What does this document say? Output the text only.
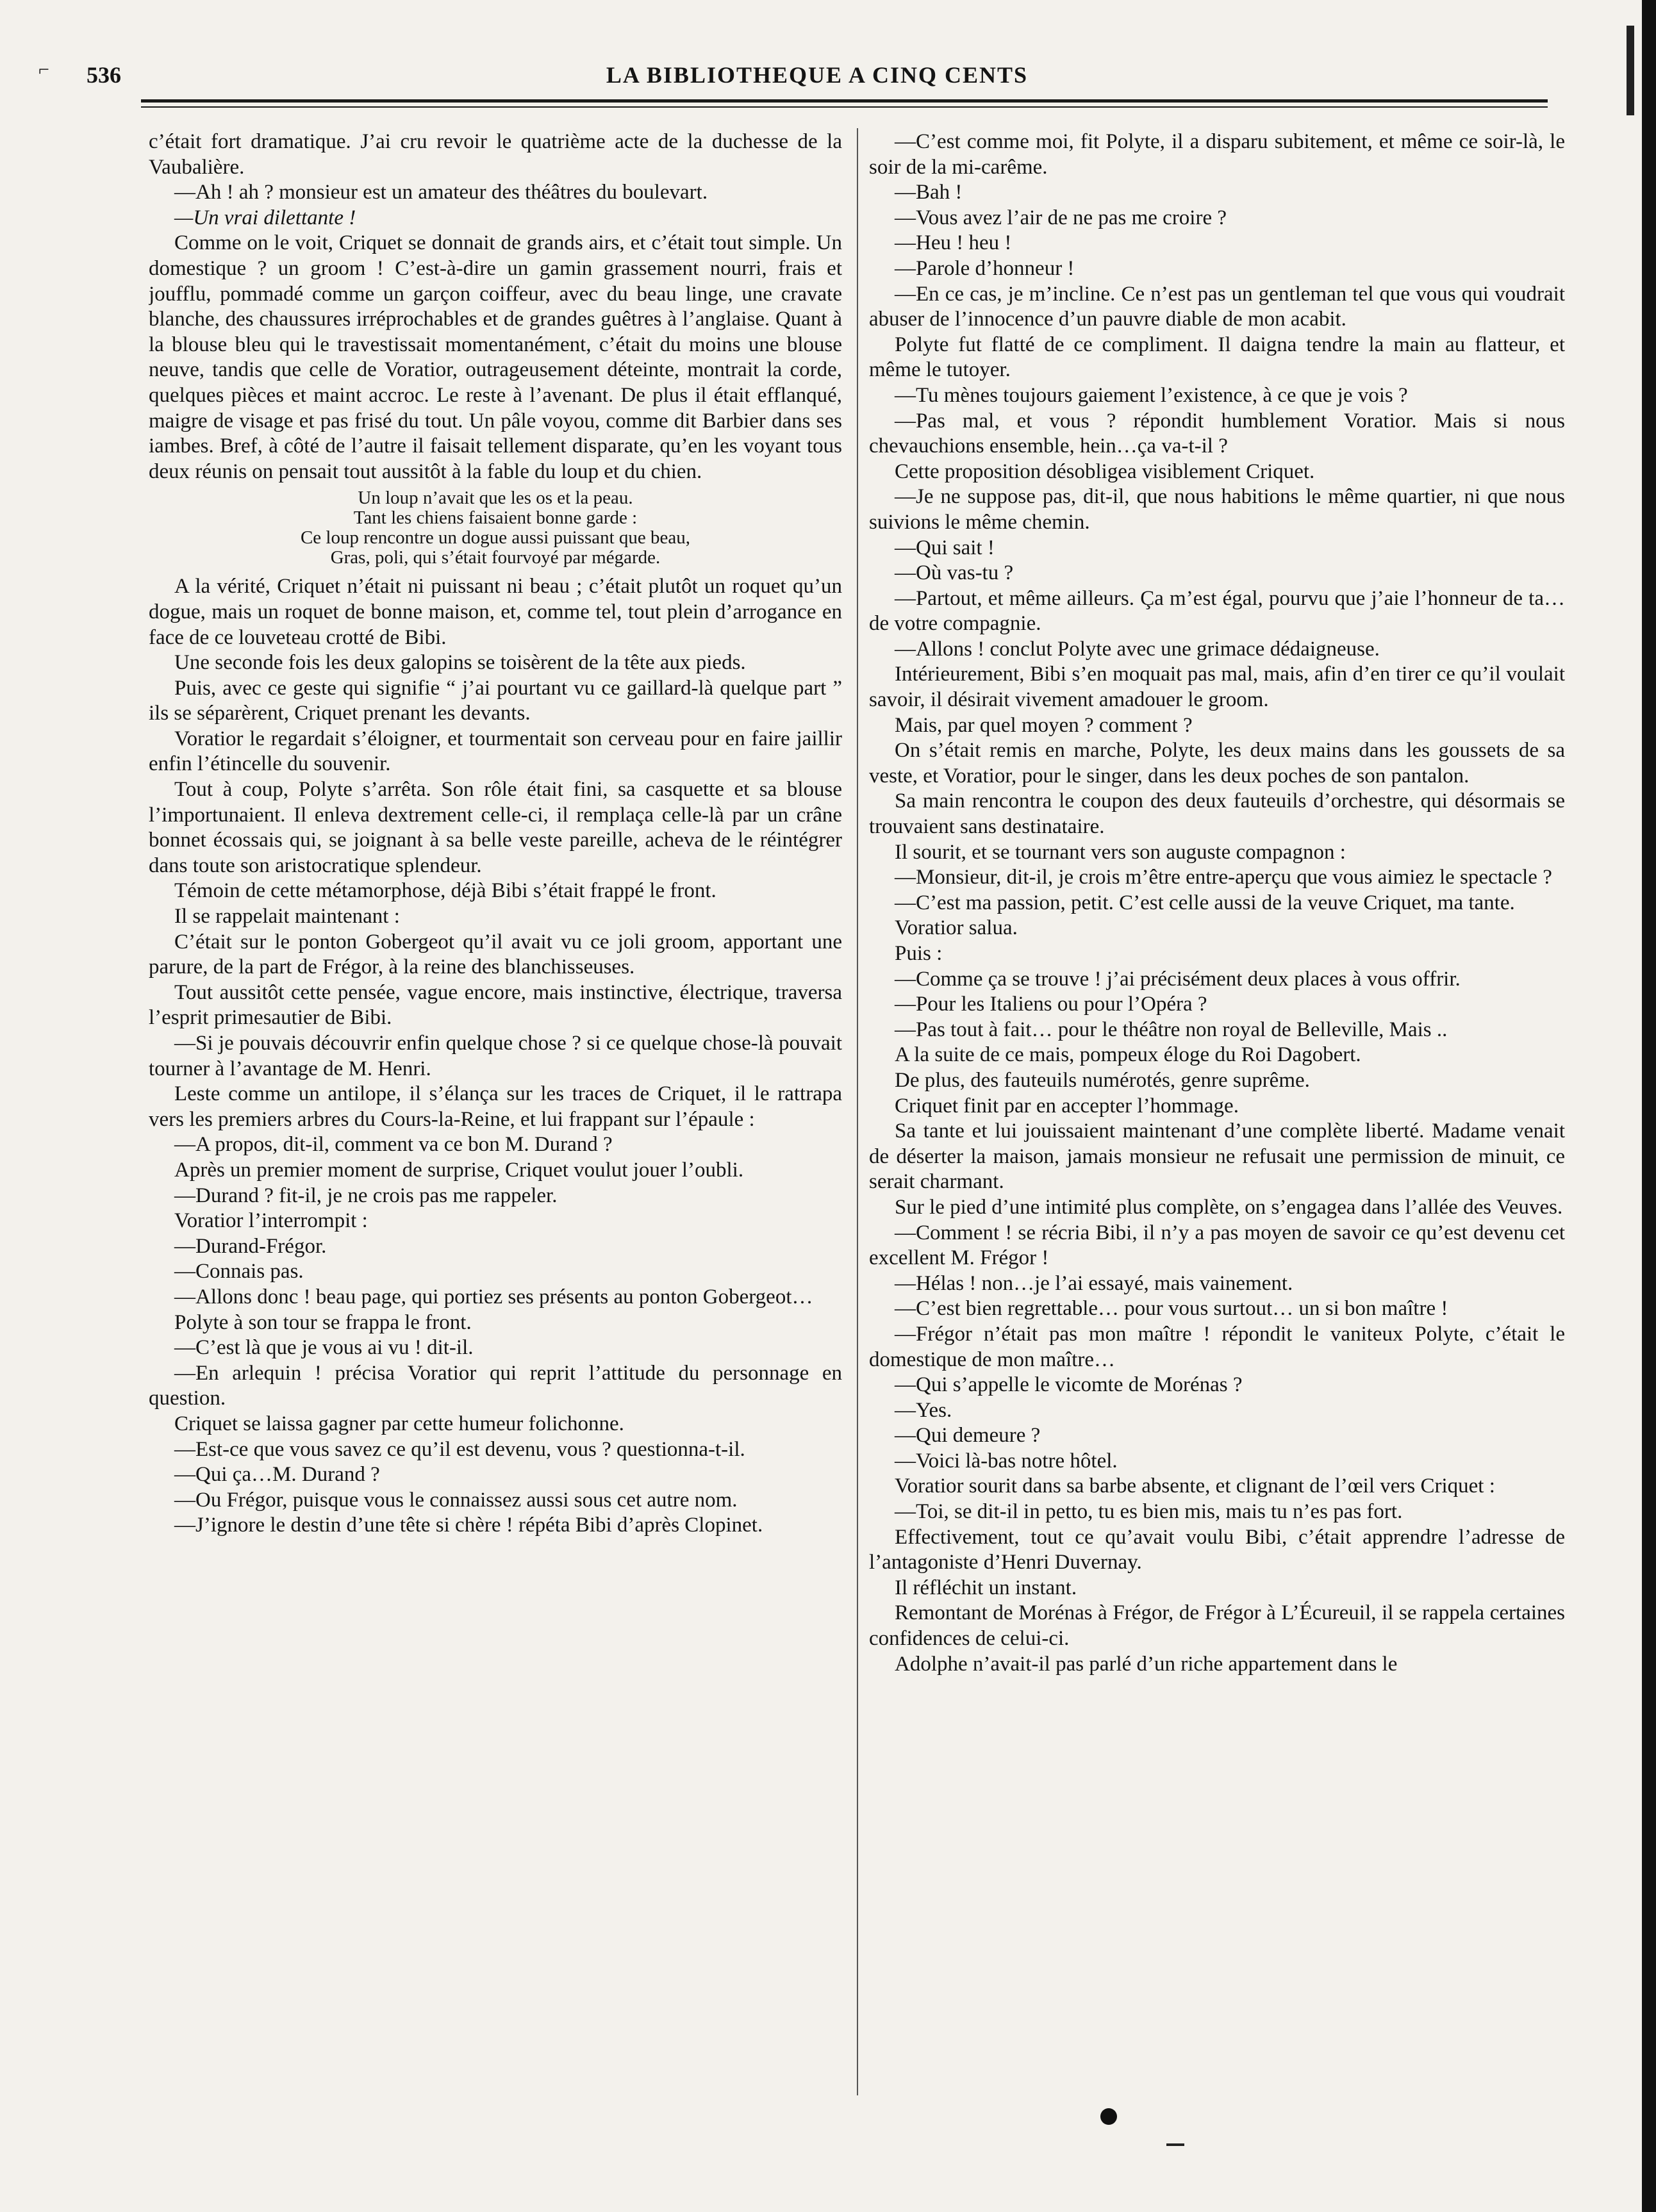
⌐ 536	LA BIBLIOTHEQUE A CINQ CENTS

c’était fort dramatique. J’ai cru revoir le quatrième acte de la duchesse de la Vaubalière.

—Ah ! ah ? monsieur est un amateur des théâtres du boulevart.

—Un vrai dilettante !

Comme on le voit, Criquet se donnait de grands airs, et c’était tout simple. Un domestique ? un groom ! C’est-à-dire un gamin grassement nourri, frais et joufflu, pommadé comme un garçon coiffeur, avec du beau linge, une cravate blanche, des chaussures irréprochables et de grandes guêtres à l’anglaise. Quant à la blouse bleu qui le travestissait momentanément, c’était du moins une blouse neuve, tandis que celle de Voratior, outrageusement déteinte, montrait la corde, quelques pièces et maint accroc. Le reste à l’avenant. De plus il était efflanqué, maigre de visage et pas frisé du tout. Un pâle voyou, comme dit Barbier dans ses iambes. Bref, à côté de l’autre il faisait tellement disparate, qu’en les voyant tous deux réunis on pensait tout aussitôt à la fable du loup et du chien.

Un loup n’avait que les os et la peau.
Tant les chiens faisaient bonne garde :
Ce loup rencontre un dogue aussi puissant que beau,
Gras, poli, qui s’était fourvoyé par mégarde.

A la vérité, Criquet n’était ni puissant ni beau ; c’était plutôt un roquet qu’un dogue, mais un roquet de bonne maison, et, comme tel, tout plein d’arrogance en face de ce louveteau crotté de Bibi.

Une seconde fois les deux galopins se toisèrent de la tête aux pieds.

Puis, avec ce geste qui signifie “ j’ai pourtant vu ce gaillard-là quelque part ” ils se séparèrent, Criquet prenant les devants.

Voratior le regardait s’éloigner, et tourmentait son cerveau pour en faire jaillir enfin l’étincelle du souvenir.

Tout à coup, Polyte s’arrêta. Son rôle était fini, sa casquette et sa blouse l’importunaient. Il enleva dextrement celle-ci, il remplaça celle-là par un crâne bonnet écossais qui, se joignant à sa belle veste pareille, acheva de le réintégrer dans toute son aristocratique splendeur.

Témoin de cette métamorphose, déjà Bibi s’était frappé le front.

Il se rappelait maintenant :

C’était sur le ponton Gobergeot qu’il avait vu ce joli groom, apportant une parure, de la part de Frégor, à la reine des blanchisseuses.

Tout aussitôt cette pensée, vague encore, mais instinctive, électrique, traversa l’esprit primesautier de Bibi.

—Si je pouvais découvrir enfin quelque chose ? si ce quelque chose-là pouvait tourner à l’avantage de M. Henri.

Leste comme un antilope, il s’élança sur les traces de Criquet, il le rattrapa vers les premiers arbres du Cours-la-Reine, et lui frappant sur l’épaule :

—A propos, dit-il, comment va ce bon M. Durand ?

Après un premier moment de surprise, Criquet voulut jouer l’oubli.

—Durand ? fit-il, je ne crois pas me rappeler.

Voratior l’interrompit :

—Durand-Frégor.

—Connais pas.

—Allons donc ! beau page, qui portiez ses présents au ponton Gobergeot…

Polyte à son tour se frappa le front.

—C’est là que je vous ai vu ! dit-il.

—En arlequin ! précisa Voratior qui reprit l’attitude du personnage en question.

Criquet se laissa gagner par cette humeur folichonne.

—Est-ce que vous savez ce qu’il est devenu, vous ? questionna-t-il.

—Qui ça…M. Durand ?

—Ou Frégor, puisque vous le connaissez aussi sous cet autre nom.

—J’ignore le destin d’une tête si chère ! répéta Bibi d’après Clopinet.

—C’est comme moi, fit Polyte, il a disparu subitement, et même ce soir-là, le soir de la mi-carême.

—Bah !

—Vous avez l’air de ne pas me croire ?

—Heu ! heu !

—Parole d’honneur !

—En ce cas, je m’incline. Ce n’est pas un gentleman tel que vous qui voudrait abuser de l’innocence d’un pauvre diable de mon acabit.

Polyte fut flatté de ce compliment. Il daigna tendre la main au flatteur, et même le tutoyer.

—Tu mènes toujours gaiement l’existence, à ce que je vois ?

—Pas mal, et vous ? répondit humblement Voratior. Mais si nous chevauchions ensemble, hein…ça va-t-il ?

Cette proposition désobligea visiblement Criquet.

—Je ne suppose pas, dit-il, que nous habitions le même quartier, ni que nous suivions le même chemin.

—Qui sait !

—Où vas-tu ?

—Partout, et même ailleurs. Ça m’est égal, pourvu que j’aie l’honneur de ta…de votre compagnie.

—Allons ! conclut Polyte avec une grimace dédaigneuse.

Intérieurement, Bibi s’en moquait pas mal, mais, afin d’en tirer ce qu’il voulait savoir, il désirait vivement amadouer le groom.

Mais, par quel moyen ? comment ?

On s’était remis en marche, Polyte, les deux mains dans les goussets de sa veste, et Voratior, pour le singer, dans les deux poches de son pantalon.

Sa main rencontra le coupon des deux fauteuils d’orchestre, qui désormais se trouvaient sans destinataire.

Il sourit, et se tournant vers son auguste compagnon :

—Monsieur, dit-il, je crois m’être entre-aperçu que vous aimiez le spectacle ?

—C’est ma passion, petit. C’est celle aussi de la veuve Criquet, ma tante.

Voratior salua.

Puis :

—Comme ça se trouve ! j’ai précisément deux places à vous offrir.

—Pour les Italiens ou pour l’Opéra ?

—Pas tout à fait… pour le théâtre non royal de Belleville, Mais ..

A la suite de ce mais, pompeux éloge du Roi Dagobert.

De plus, des fauteuils numérotés, genre suprême.

Criquet finit par en accepter l’hommage.

Sa tante et lui jouissaient maintenant d’une complète liberté. Madame venait de déserter la maison, jamais monsieur ne refusait une permission de minuit, ce serait charmant.

Sur le pied d’une intimité plus complète, on s’engagea dans l’allée des Veuves.

—Comment ! se récria Bibi, il n’y a pas moyen de savoir ce qu’est devenu cet excellent M. Frégor !

—Hélas ! non…je l’ai essayé, mais vainement.

—C’est bien regrettable… pour vous surtout… un si bon maître !

—Frégor n’était pas mon maître ! répondit le vaniteux Polyte, c’était le domestique de mon maître…

—Qui s’appelle le vicomte de Morénas ?

—Yes.

—Qui demeure ?

—Voici là-bas notre hôtel.

Voratior sourit dans sa barbe absente, et clignant de l’œil vers Criquet :

—Toi, se dit-il in petto, tu es bien mis, mais tu n’es pas fort.

Effectivement, tout ce qu’avait voulu Bibi, c’était apprendre l’adresse de l’antagoniste d’Henri Duvernay.

Il réfléchit un instant.

Remontant de Morénas à Frégor, de Frégor à L’Écureuil, il se rappela certaines confidences de celui-ci.

Adolphe n’avait-il pas parlé d’un riche appartement dans le
